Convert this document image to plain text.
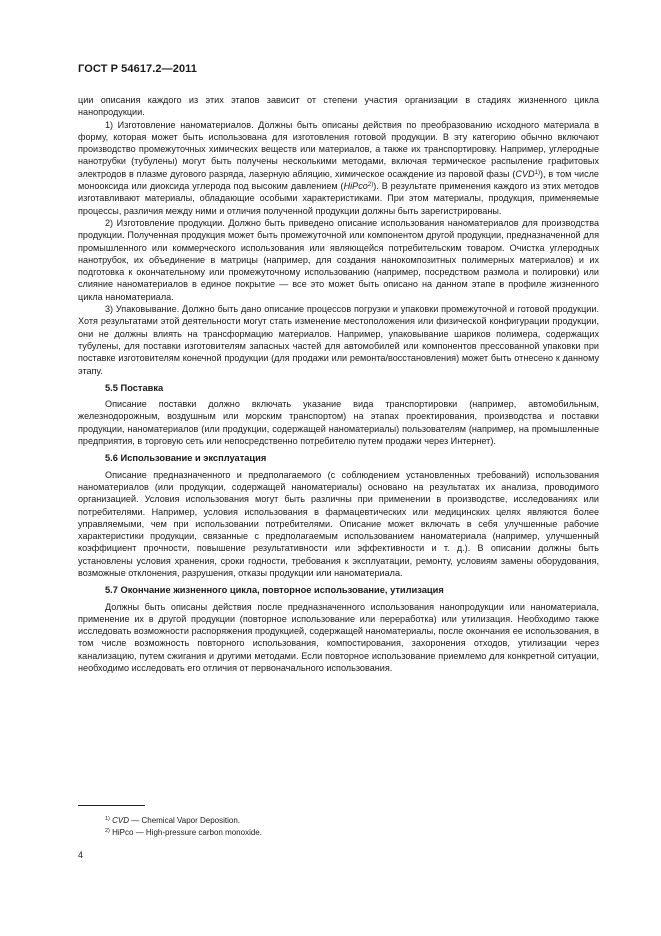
ГОСТ Р 54617.2—2011

ции описания каждого из этих этапов зависит от степени участия организации в стадиях жизненного цикла нанопродукции.

1) Изготовление наноматериалов. Должны быть описаны действия по преобразованию исходного материала в форму, которая может быть использована для изготовления готовой продукции. В эту категорию обычно включают производство промежуточных химических веществ или материалов, а также их транспортировку. Например, углеродные нанотрубки (тубулены) могут быть получены несколькими методами, включая термическое распыление графитовых электродов в плазме дугового разряда, лазерную абляцию, химическое осаждение из паровой фазы (CVD$^{1)}$), в том числе монооксида или диоксида углерода под высоким давлением (HiPco$^{2)}$). В результате применения каждого из этих методов изготавливают материалы, обладающие особыми характеристиками. При этом материалы, продукция, применяемые процессы, различия между ними и отличия полученной продукции должны быть зарегистрированы.

2) Изготовление продукции. Должно быть приведено описание использования наноматериалов для производства продукции. Полученная продукция может быть промежуточной или компонентом другой продукции, предназначенной для промышленного или коммерческого использования или являющейся потребительским товаром. Очистка углеродных нанотрубок, их объединение в матрицы (например, для создания нанокомпозитных полимерных материалов) и их подготовка к окончательному или промежуточному использованию (например, посредством размола и полировки) или слияние наноматериалов в единое покрытие — все это может быть описано на данном этапе в профиле жизненного цикла наноматериала.

3) Упаковывание. Должно быть дано описание процессов погрузки и упаковки промежуточной и готовой продукции. Хотя результатами этой деятельности могут стать изменение местоположения или физической конфигурации продукции, они не должны влиять на трансформацию материалов. Например, упаковывание шариков полимера, содержащих тубулены, для поставки изготовителям запасных частей для автомобилей или компонентов прессованной упаковки при поставке изготовителям конечной продукции (для продажи или ремонта/восстановления) может быть отнесено к данному этапу.

5.5 Поставка

Описание поставки должно включать указание вида транспортировки (например, автомобильным, железнодорожным, воздушным или морским транспортом) на этапах проектирования, производства и поставки продукции, наноматериалов (или продукции, содержащей наноматериалы) пользователям (например, на промышленные предприятия, в торговую сеть или непосредственно потребителю путем продажи через Интернет).

5.6 Использование и эксплуатация

Описание предназначенного и предполагаемого (с соблюдением установленных требований) использования наноматериалов (или продукции, содержащей наноматериалы) основано на результатах их анализа, проводимого организацией. Условия использования могут быть различны при применении в производстве, исследованиях или потребителями. Например, условия использования в фармацевтических или медицинских целях являются более управляемыми, чем при использовании потребителями. Описание может включать в себя улучшенные рабочие характеристики продукции, связанные с предполагаемым использованием наноматериала (например, улучшенный коэффициент прочности, повышение результативности или эффективности и т. д.). В описании должны быть установлены условия хранения, сроки годности, требования к эксплуатации, ремонту, условиям замены оборудования, возможные отклонения, разрушения, отказы продукции или наноматериала.

5.7 Окончание жизненного цикла, повторное использование, утилизация

Должны быть описаны действия после предназначенного использования нанопродукции или наноматериала, применение их в другой продукции (повторное использование или переработка) или утилизация. Необходимо также исследовать возможности распоряжения продукцией, содержащей наноматериалы, после окончания ее использования, в том числе возможность повторного использования, компостирования, захоронения отходов, утилизации через канализацию, путем сжигания и другими методами. Если повторное использование приемлемо для конкретной ситуации, необходимо исследовать его отличия от первоначального использования.

$^{1)}$ CVD — Chemical Vapor Deposition.
$^{2)}$ HiPco — High-pressure carbon monoxide.
4
